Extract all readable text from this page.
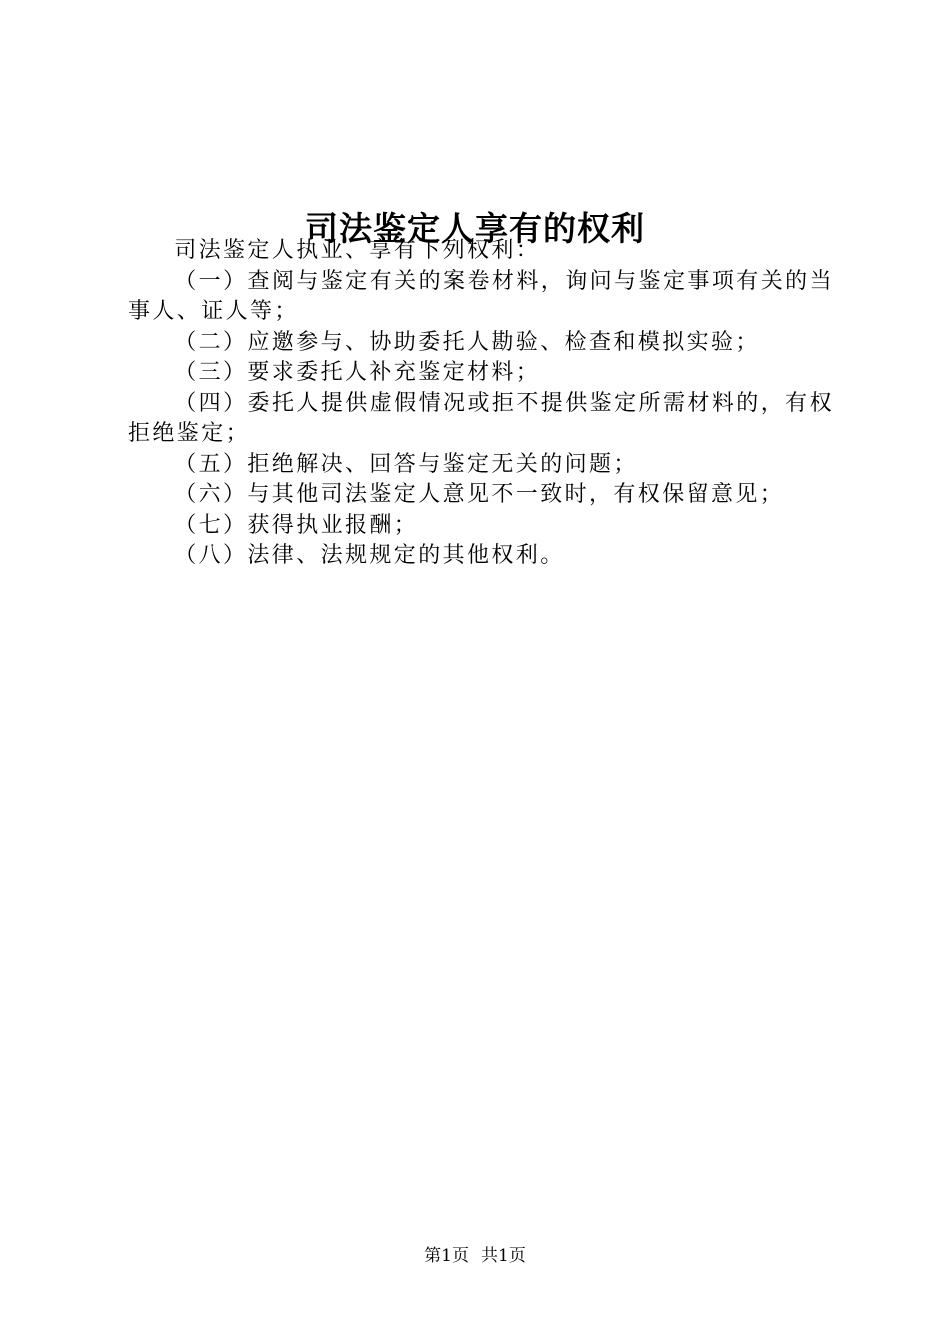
司法鉴定人享有的权利

司法鉴定人执业、享有下列权利：

（一）查阅与鉴定有关的案卷材料，询问与鉴定事项有关的当事人、证人等；

（二）应邀参与、协助委托人勘验、检查和模拟实验；

（三）要求委托人补充鉴定材料；

（四）委托人提供虚假情况或拒不提供鉴定所需材料的，有权拒绝鉴定；

（五）拒绝解决、回答与鉴定无关的问题；

（六）与其他司法鉴定人意见不一致时，有权保留意见；

（七）获得执业报酬；

（八）法律、法规规定的其他权利。

第1页 共1页
